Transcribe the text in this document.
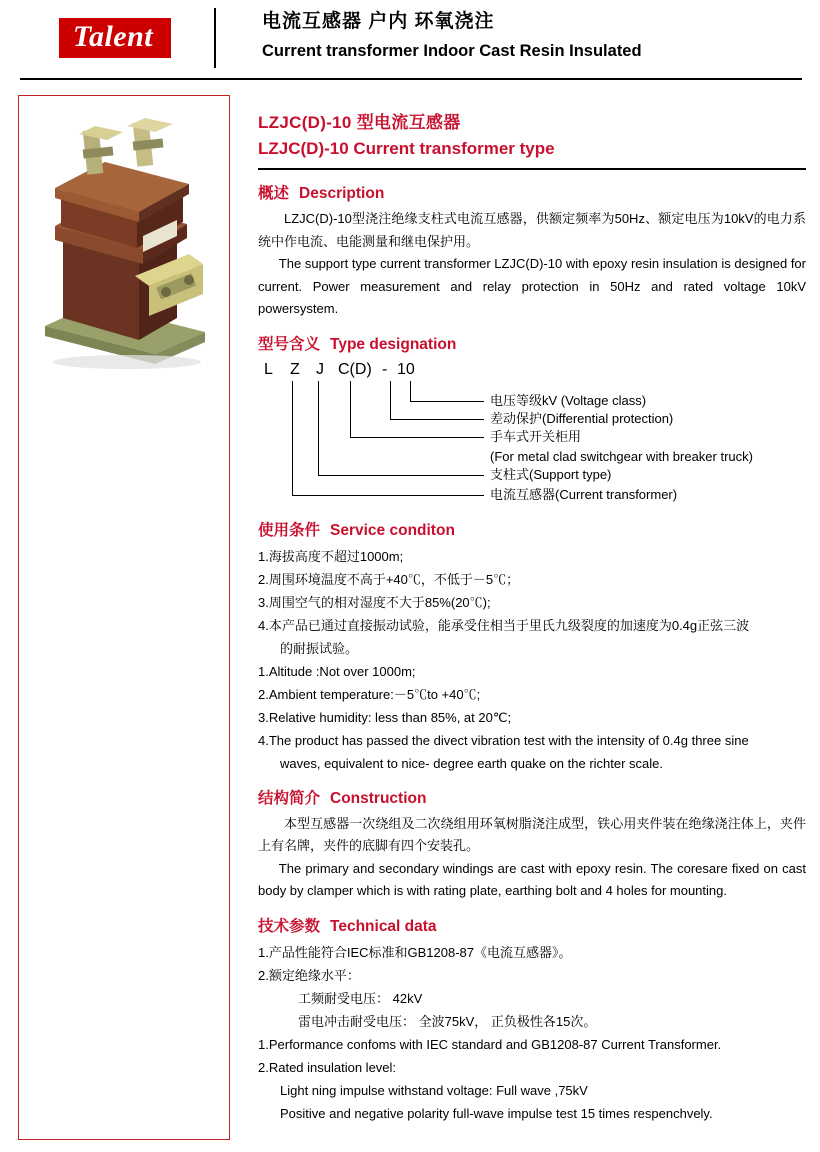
Talent	电流互感器 户内 环氧浇注
Current transformer Indoor Cast Resin Insulated
LZJC(D)-10 型电流互感器
LZJC(D)-10 Current transformer type
概述 Description

LZJC(D)-10型浇注绝缘支柱式电流互感器，供额定频率为50Hz、额定电压为10kV的电力系统中作电流、电能测量和继电保护用。

The support type current transformer LZJC(D)-10 with epoxy resin insulation is designed for current. Power measurement and relay protection in 50Hz and rated voltage 10kV powersystem.

型号含义 Type designation
L Z J C(D) - 10
电压等级kV (Voltage class)
差动保护(Differential protection)
手车式开关柜用
(For metal clad switchgear with breaker truck)
支柱式(Support type)
电流互感器(Current transformer)
使用条件 Service conditon

1.海拔高度不超过1000m;

2.周围环境温度不高于+40℃，不低于－5℃；

3.周围空气的相对湿度不大于85%(20℃);

4.本产品已通过直接振动试验，能承受住相当于里氏九级裂度的加速度为0.4g正弦三波

的耐振试验。

1.Altitude :Not over 1000m;

2.Ambient temperature:－5℃to +40℃;

3.Relative humidity: less than 85%, at 20℃;

4.The product has passed the divect vibration test with the intensity of 0.4g three sine

waves, equivalent to nice- degree earth quake on the richter scale.

结构简介 Construction

本型互感器一次绕组及二次绕组用环氧树脂浇注成型，铁心用夹件装在绝缘浇注体上，夹件上有名牌，夹件的底脚有四个安装孔。

The primary and secondary windings are cast with epoxy resin. The coresare fixed on cast body by clamper which is with rating plate, earthing bolt and 4 holes for mounting.

技术参数 Technical data

1.产品性能符合IEC标准和GB1208-87《电流互感器》。

2.额定绝缘水平：

工频耐受电压： 42kV

雷电冲击耐受电压： 全波75kV， 正负极性各15次。

1.Performance confoms with IEC standard and GB1208-87 Current Transformer.

2.Rated insulation level:

Light ning impulse withstand voltage: Full wave ,75kV

Positive and negative polarity full-wave impulse test 15 times respenchvely.
